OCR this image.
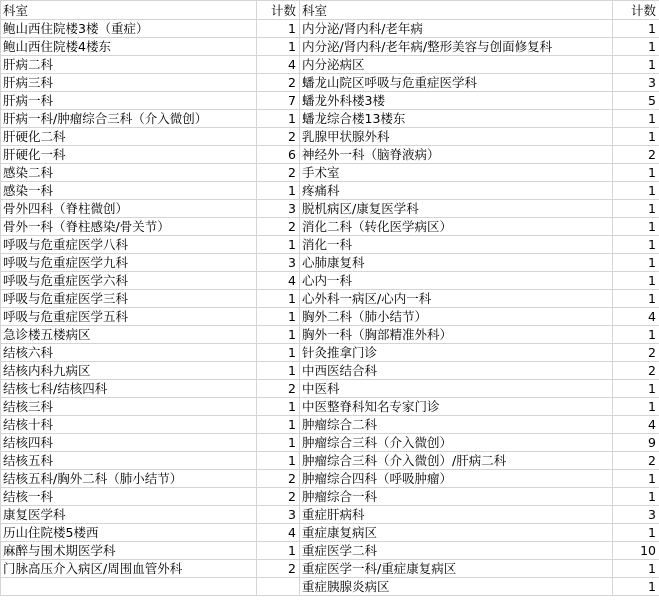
科室	计数	科室	计数
鲍山西住院楼3楼（重症）	1	内分泌/肾内科/老年病	1
鲍山西住院楼4楼东	1	内分泌/肾内科/老年病/整形美容与创面修复科	1
肝病二科	4	内分泌病区	1
肝病三科	2	蟠龙山院区呼吸与危重症医学科	3
肝病一科	7	蟠龙外科楼3楼	5
肝病一科/肿瘤综合三科（介入微创）	1	蟠龙综合楼13楼东	1
肝硬化二科	2	乳腺甲状腺外科	1
肝硬化一科	6	神经外一科（脑脊液病）	2
感染二科	2	手术室	1
感染一科	1	疼痛科	1
骨外四科（脊柱微创）	3	脱机病区/康复医学科	1
骨外一科（脊柱感染/骨关节）	2	消化二科（转化医学病区）	1
呼吸与危重症医学八科	1	消化一科	1
呼吸与危重症医学九科	3	心肺康复科	1
呼吸与危重症医学六科	4	心内一科	1
呼吸与危重症医学三科	1	心外科一病区/心内一科	1
呼吸与危重症医学五科	1	胸外二科（肺小结节）	4
急诊楼五楼病区	1	胸外一科（胸部精准外科）	1
结核六科	1	针灸推拿门诊	2
结核内科九病区	1	中西医结合科	2
结核七科/结核四科	2	中医科	1
结核三科	1	中医整脊科知名专家门诊	1
结核十科	1	肿瘤综合二科	4
结核四科	1	肿瘤综合三科（介入微创）	9
结核五科	1	肿瘤综合三科（介入微创）/肝病二科	2
结核五科/胸外二科（肺小结节）	2	肿瘤综合四科（呼吸肿瘤）	1
结核一科	2	肿瘤综合一科	1
康复医学科	3	重症肝病科	3
历山住院楼5楼西	4	重症康复病区	1
麻醉与围术期医学科	1	重症医学二科	10
门脉高压介入病区/周围血管外科	2	重症医学一科/重症康复病区	1
		重症胰腺炎病区	1
